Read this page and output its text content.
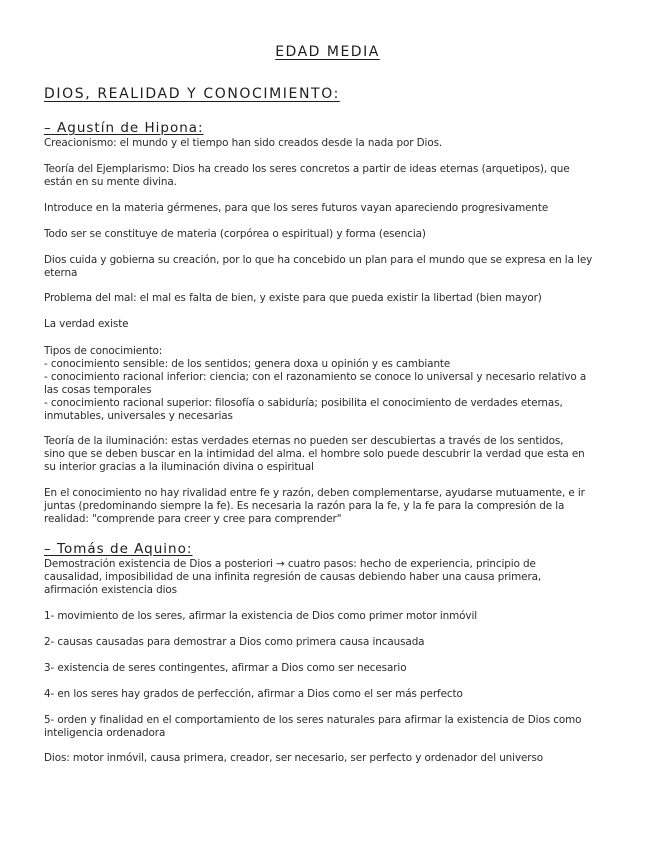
EDAD MEDIA
DIOS, REALIDAD Y CONOCIMIENTO:
– Agustín de Hipona:
Creacionismo: el mundo y el tiempo han sido creados desde la nada por Dios.
Teoría del Ejemplarismo: Dios ha creado los seres concretos a partir de ideas eternas (arquetipos), que
están en su mente divina.
Introduce en la materia gérmenes, para que los seres futuros vayan apareciendo progresivamente
Todo ser se constituye de materia (corpórea o espiritual) y forma (esencia)
Dios cuida y gobierna su creación, por lo que ha concebido un plan para el mundo que se expresa en la ley
eterna
Problema del mal: el mal es falta de bien, y existe para que pueda existir la libertad (bien mayor)
La verdad existe
Tipos de conocimiento:
- conocimiento sensible: de los sentidos; genera doxa u opinión y es cambiante
- conocimiento racional inferior: ciencia; con el razonamiento se conoce lo universal y necesario relativo a
las cosas temporales
- conocimiento racional superior: filosofía o sabiduría; posibilita el conocimiento de verdades eternas,
inmutables, universales y necesarias
Teoría de la iluminación: estas verdades eternas no pueden ser descubiertas a través de los sentidos,
sino que se deben buscar en la intimidad del alma. el hombre solo puede descubrir la verdad que esta en
su interior gracias a la iluminación divina o espiritual
En el conocimiento no hay rivalidad entre fe y razón, deben complementarse, ayudarse mutuamente, e ir
juntas (predominando siempre la fe). Es necesaria la razón para la fe, y la fe para la compresión de la
realidad: "comprende para creer y cree para comprender"
– Tomás de Aquino:
Demostración existencia de Dios a posteriori → cuatro pasos: hecho de experiencia, principio de
causalidad, imposibilidad de una infinita regresión de causas debiendo haber una causa primera,
afirmación existencia dios
1- movimiento de los seres, afirmar la existencia de Dios como primer motor inmóvil
2- causas causadas para demostrar a Dios como primera causa incausada
3- existencia de seres contingentes, afirmar a Dios como ser necesario
4- en los seres hay grados de perfección, afirmar a Dios como el ser más perfecto
5- orden y finalidad en el comportamiento de los seres naturales para afirmar la existencia de Dios como
inteligencia ordenadora
Dios: motor inmóvil, causa primera, creador, ser necesario, ser perfecto y ordenador del universo
